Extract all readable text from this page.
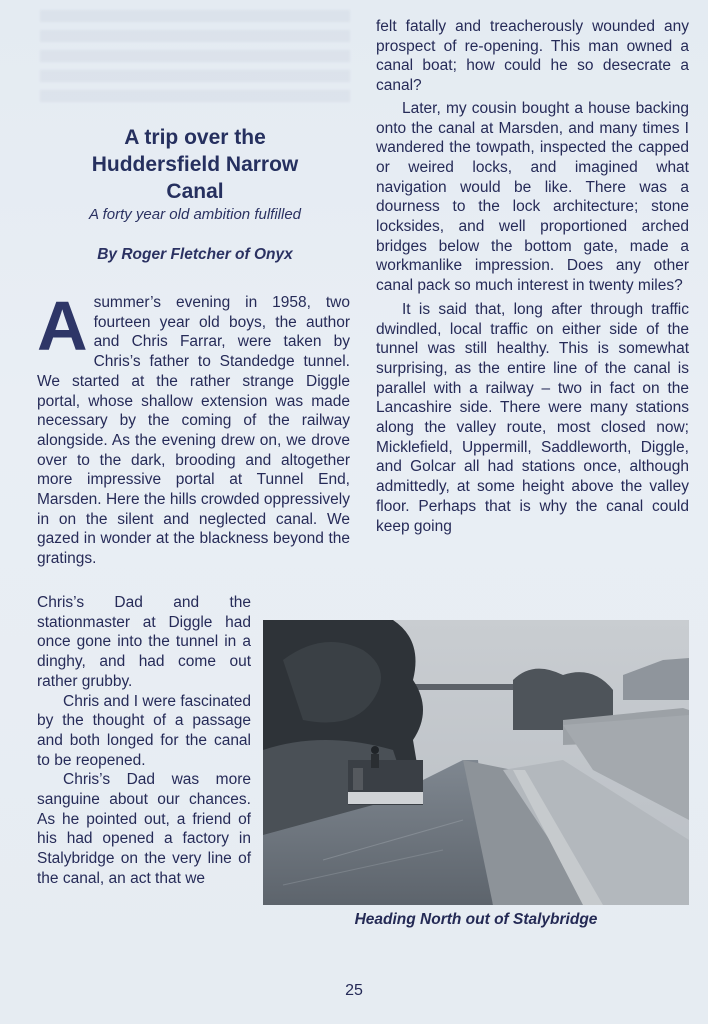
A trip over the
Huddersfield Narrow
Canal

A forty year old ambition fulfilled

By Roger Fletcher of Onyx

Asummer’s evening in 1958, two fourteen year old boys, the author and Chris Farrar, were taken by Chris’s father to Standedge tunnel. We started at the rather strange Diggle portal, whose shallow extension was made necessary by the coming of the railway alongside. As the evening drew on, we drove over to the dark, brooding and altogether more impressive portal at Tunnel End, Marsden. Here the hills crowded oppressively in on the silent and neglected canal. We gazed in wonder at the blackness beyond the gratings.

Chris’s Dad and the stationmaster at Diggle had once gone into the tunnel in a dinghy, and had come out rather grubby.

Chris and I were fascinated by the thought of a passage and both longed for the canal to be reopened.

Chris’s Dad was more sanguine about our chances. As he pointed out, a friend of his had opened a factory in Stalybridge on the very line of the canal, an act that we

felt fatally and treacherously wounded any prospect of re-opening. This man owned a canal boat; how could he so desecrate a canal?

Later, my cousin bought a house backing onto the canal at Marsden, and many times I wandered the towpath, inspected the capped or weired locks, and imagined what navigation would be like. There was a dourness to the lock architecture; stone locksides, and well proportioned arched bridges below the bottom gate, made a workmanlike impression. Does any other canal pack so much interest in twenty miles?

It is said that, long after through traffic dwindled, local traffic on either side of the tunnel was still healthy. This is somewhat surprising, as the entire line of the canal is parallel with a railway – two in fact on the Lancashire side. There were many stations along the valley route, most closed now; Micklefield, Uppermill, Saddleworth, Diggle, and Golcar all had stations once, although admittedly, at some height above the valley floor. Perhaps that is why the canal could keep going

Heading North out of Stalybridge

25
